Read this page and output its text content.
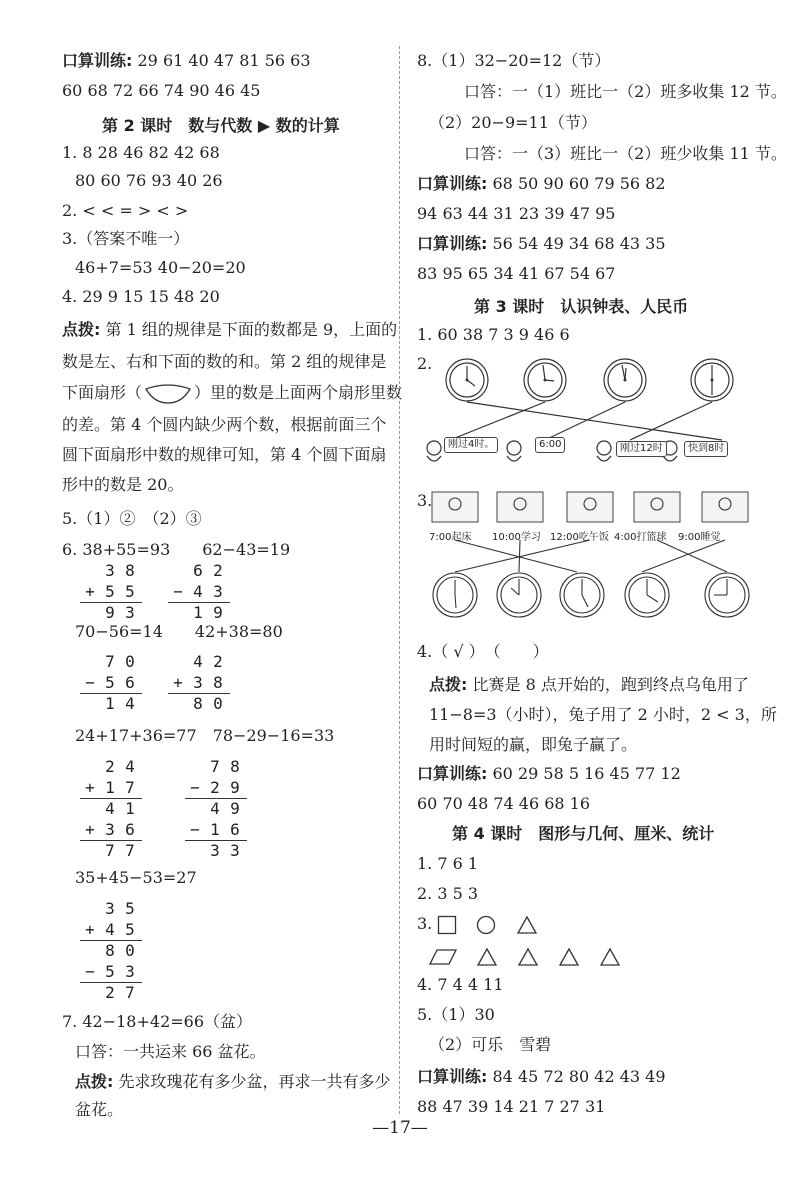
口算训练: 29 61 40 47 81 56 63
60 68 72 66 74 90 46 45
第 2 课时　数与代数 ▶ 数的计算
1. 8 28 46 82 42 68
80 60 76 93 40 26
2. < < = > < >
3.（答案不唯一）
46+7=53 40−20=20
4. 29 9 15 15 48 20
点拨: 第 1 组的规律是下面的数都是 9，上面的
数是左、右和下面的数的和。第 2 组的规律是
下面扇形（	）里的数是上面两个扇形里数
的差。第 4 个圆内缺少两个数，根据前面三个
圆下面扇形中数的规律可知，第 4 个圆下面扇
形中的数是 20。
5.（1）②　（2）③
6. 38+55=93　　62−43=19
3 8
+ 5 5
9 3
6 2
− 4 3
1 9
70−56=14　　42+38=80
7 0
− 5 6
1 4
4 2
+ 3 8
8 0
24+17+36=77　78−29−16=33
2 4
+ 1 7
4 1
+ 3 6
7 7
7 8
− 2 9
4 9
− 1 6
3 3
35+45−53=27
3 5
+ 4 5
8 0
− 5 3
2 7
7. 42−18+42=66（盆）
口答：一共运来 66 盆花。
点拨: 先求玫瑰花有多少盆，再求一共有多少
盆花。
8.（1）32−20=12（节）
口答：一（1）班比一（2）班多收集 12 节。
（2）20−9=11（节）
口答：一（3）班比一（2）班少收集 11 节。
口算训练: 68 50 90 60 79 56 82
94 63 44 31 23 39 47 95
口算训练: 56 54 49 34 68 43 35
83 95 65 34 41 67 54 67
第 3 课时　认识钟表、人民币
1. 60 38 7 3 9 46 6
2.
刚过4时。	6:00	刚过12时	快到8时
3.
7:00起床 10:00学习 12:00吃午饭 4:00打篮球 9:00睡觉
4.（ √ ）　（　　）
点拨: 比赛是 8 点开始的，跑到终点乌龟用了
11−8=3（小时），兔子用了 2 小时，2 < 3，所
用时间短的赢，即兔子赢了。
口算训练: 60 29 58 5 16 45 77 12
60 70 48 74 46 68 16
第 4 课时　图形与几何、厘米、统计
1. 7 6 1
2. 3 5 3
3.

4. 7 4 4 11
5.（1）30
（2）可乐　雪碧
口算训练: 84 45 72 80 42 43 49
88 47 39 14 21 7 27 31
—17—
